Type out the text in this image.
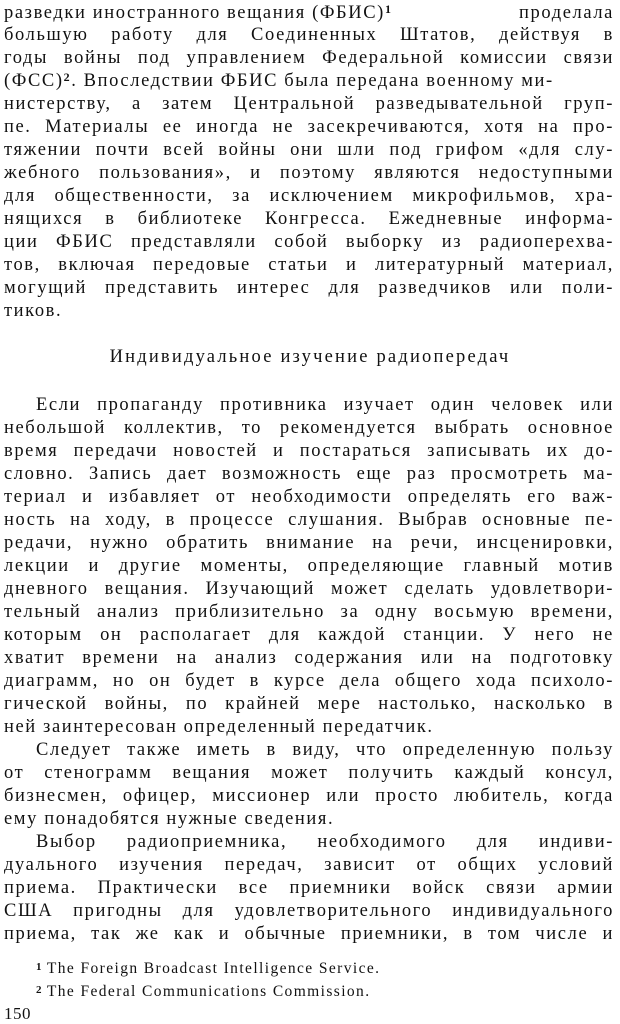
разведки иностранного вещания (ФБИС)$^1$	проделала
большую работу для Соединенных Штатов, действуя в
годы войны под управлением Федеральной комиссии связи
(ФСС)$^2$. Впоследствии ФБИС была передана военному ми-
нистерству, а затем Центральной разведывательной груп-
пе. Материалы ее иногда не засекречиваются, хотя на про-
тяжении почти всей войны они шли под грифом «для слу-
жебного пользования», и поэтому являются недоступными
для общественности, за исключением микрофильмов, хра-
нящихся в библиотеке Конгресса. Ежедневные информа-
ции ФБИС представляли собой выборку из радиоперехва-
тов, включая передовые статьи и литературный материал,
могущий представить интерес для разведчиков или поли-
тиков.
Индивидуальное изучение радиопередач
Если пропаганду противника изучает один человек или
небольшой коллектив, то рекомендуется выбрать основное
время передачи новостей и постараться записывать их до-
словно. Запись дает возможность еще раз просмотреть ма-
териал и избавляет от необходимости определять его важ-
ность на ходу, в процессе слушания. Выбрав основные пе-
редачи, нужно обратить внимание на речи, инсценировки,
лекции и другие моменты, определяющие главный мотив
дневного вещания. Изучающий может сделать удовлетвори-
тельный анализ приблизительно за одну восьмую времени,
которым он располагает для каждой станции. У него не
хватит времени на анализ содержания или на подготовку
диаграмм, но он будет в курсе дела общего хода психоло-
гической войны, по крайней мере настолько, насколько в
ней заинтересован определенный передатчик.
Следует также иметь в виду, что определенную пользу
от стенограмм вещания может получить каждый консул,
бизнесмен, офицер, миссионер или просто любитель, когда
ему понадобятся нужные сведения.
Выбор радиоприемника, необходимого для индиви-
дуального изучения передач, зависит от общих условий
приема. Практически все приемники войск связи армии
США пригодны для удовлетворительного индивидуального
приема, так же как и обычные приемники, в том числе и
$^1$ The Foreign Broadcast Intelligence Service.
$^2$ The Federal Communications Commission.
150
